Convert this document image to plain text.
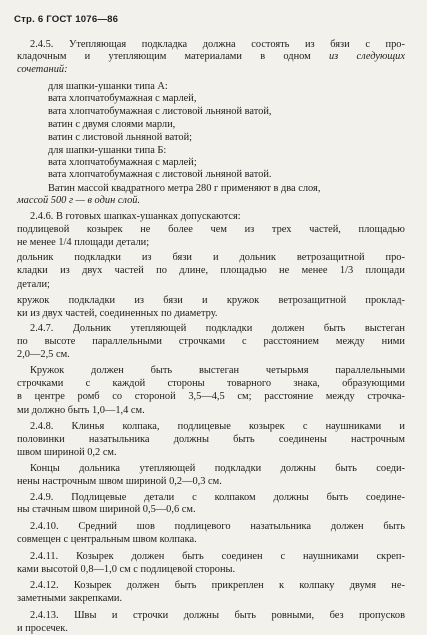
Стр. 6 ГОСТ 1076—86
2.4.5. Утепляющая подкладка должна состоять из бязи с про-
кладочным и утепляющим материалами в одном из следующих
сочетаний:
для шапки-ушанки типа А:
вата хлопчатобумажная с марлей,
вата хлопчатобумажная с листовой льняной ватой,
ватин с двумя слоями марли,
ватин с листовой льняной ватой;
для шапки-ушанки типа Б:
вата хлопчатобумажная с марлей;
вата хлопчатобумажная с листовой льняной ватой.
Ватин массой квадратного метра 280 г применяют в два слоя,
массой 500 г — в один слой.
2.4.6. В готовых шапках-ушанках допускаются:
подлицевой козырек не более чем из трех частей, площадью
не менее 1/4 площади детали;
дольник подкладки из бязи и дольник ветрозащитной про-
кладки из двух частей по длине, площадью не менее 1/3 площади
детали;
кружок подкладки из бязи и кружок ветрозащитной проклад-
ки из двух частей, соединенных по диаметру.
2.4.7. Дольник утепляющей подкладки должен быть выстеган
по высоте параллельными строчками с расстоянием между ними
2,0—2,5 см.
Кружок	должен	быть	выстеган	четырьмя	параллельными
строчками с каждой стороны товарного знака, образующими
в центре ромб со стороной 3,5—4,5 см; расстояние между строчка-
ми должно быть 1,0—1,4 см.
2.4.8. Клинья колпака, подлицевые козырек с наушниками и
половинки назатыльника должны быть соединены настрочным
швом шириной 0,2 см.
Концы дольника утепляющей подкладки должны быть соеди-
нены настрочным швом шириной 0,2—0,3 см.
2.4.9. Подлицевые детали с колпаком должны быть соедине-
ны стачным швом шириной 0,5—0,6 см.
2.4.10. Средний шов подлицевого назатыльника должен быть
совмещен с центральным швом колпака.
2.4.11. Козырек должен быть соединен с наушниками скреп-
ками высотой 0,8—1,0 см с подлицевой стороны.
2.4.12. Козырек должен быть прикреплен к колпаку двумя не-
заметными закрепками.
2.4.13. Швы и строчки должны быть ровными, без пропусков
и просечек.
